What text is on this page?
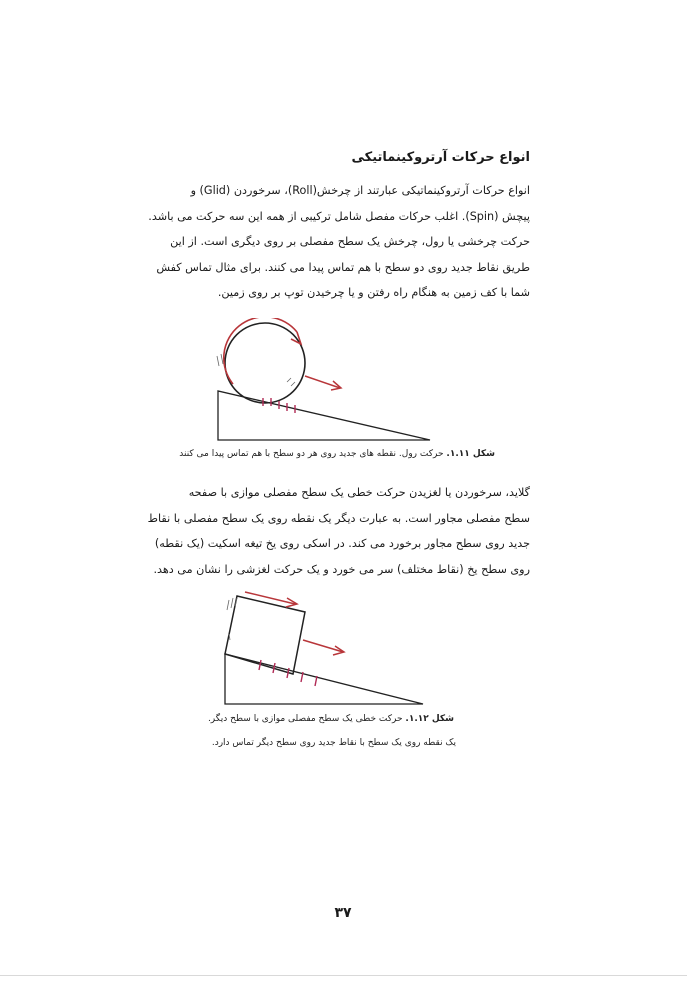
انواع حرکات آرتروکینماتیکی

انواع حرکات آرتروکینماتیکی عبارتند از چرخش(Roll)، سرخوردن (Glid) و

پیچش (Spin). اغلب حرکات مفصل شامل ترکیبی از همه این سه حرکت می باشد.

حرکت چرخشی یا رول، چرخش یک سطح مفصلی بر روی دیگری است. از این

طریق نقاط جدید روی دو سطح با هم تماس پیدا می کنند. برای مثال تماس کفش

شما با کف زمین به هنگام راه رفتن و یا چرخیدن توپ بر روی زمین.

شکل ۱.۱۱. حرکت رول. نقطه های جدید روی هر دو سطح با هم تماس پیدا می کنند

گلاید، سرخوردن یا لغزیدن حرکت خطی یک سطح مفصلی موازی با صفحه

سطح مفصلی مجاور است. به عبارت دیگر یک نقطه روی یک سطح مفصلی با نقاط

جدید روی سطح مجاور برخورد می کند. در اسکی روی یخ تیغه اسکیت (یک نقطه)

روی سطح یخ (نقاط مختلف) سر می خورد و یک حرکت لغزشی را نشان می دهد.

شکل ۱.۱۲. حرکت خطی یک سطح مفصلی موازی با سطح دیگر.
یک نقطه روی یک سطح با نقاط جدید روی سطح دیگر تماس دارد.
۳۷
